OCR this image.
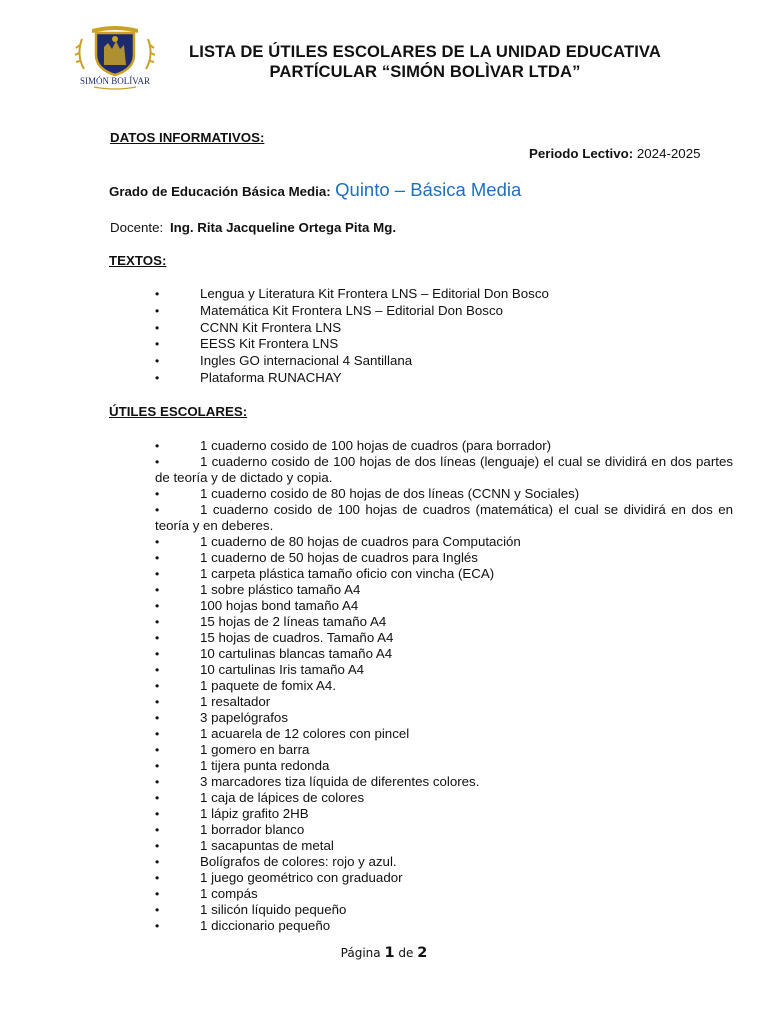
SIMÓN BOLÍVAR
LISTA DE ÚTILES ESCOLARES DE LA UNIDAD EDUCATIVA
PARTÍCULAR “SIMÓN BOLÌVAR LTDA”
DATOS INFORMATIVOS:
Periodo Lectivo: 2024-2025
Grado de Educación Básica Media: Quinto – Básica Media
Docente: Ing. Rita Jacqueline Ortega Pita Mg.
TEXTOS:
•	Lengua y Literatura Kit Frontera LNS – Editorial Don Bosco
•	Matemática Kit Frontera LNS – Editorial Don Bosco
•	CCNN Kit Frontera LNS
•	EESS Kit Frontera LNS
•	Ingles GO internacional 4 Santillana
•	Plataforma RUNACHAY
ÚTILES ESCOLARES:
•	1 cuaderno cosido de 100 hojas de cuadros (para borrador)
•	1 cuaderno cosido de 100 hojas de dos líneas (lenguaje) el cual se dividirá en dos partes de teoría y de dictado y copia.
•	1 cuaderno cosido de 80 hojas de dos líneas (CCNN y Sociales)
•	1 cuaderno cosido de 100 hojas de cuadros (matemática) el cual se dividirá en dos en teoría y en deberes.
•	1 cuaderno de 80 hojas de cuadros para Computación
•	1 cuaderno de 50 hojas de cuadros para Inglés
•	1 carpeta plástica tamaño oficio con vincha (ECA)
•	1 sobre plástico tamaño A4
•	100 hojas bond tamaño A4
•	15 hojas de 2 líneas tamaño A4
•	15 hojas de cuadros. Tamaño A4
•	10 cartulinas blancas tamaño A4
•	10 cartulinas Iris tamaño A4
•	1 paquete de fomix A4.
•	1 resaltador
•	3 papelógrafos
•	1 acuarela de 12 colores con pincel
•	1 gomero en barra
•	1 tijera punta redonda
•	3 marcadores tiza líquida de diferentes colores.
•	1 caja de lápices de colores
•	1 lápiz grafito 2HB
•	1 borrador blanco
•	1 sacapuntas de metal
•	Bolígrafos de colores: rojo y azul.
•	1 juego geométrico con graduador
•	1 compás
•	1 silicón líquido pequeño
•	1 diccionario pequeño
Página 1 de 2
